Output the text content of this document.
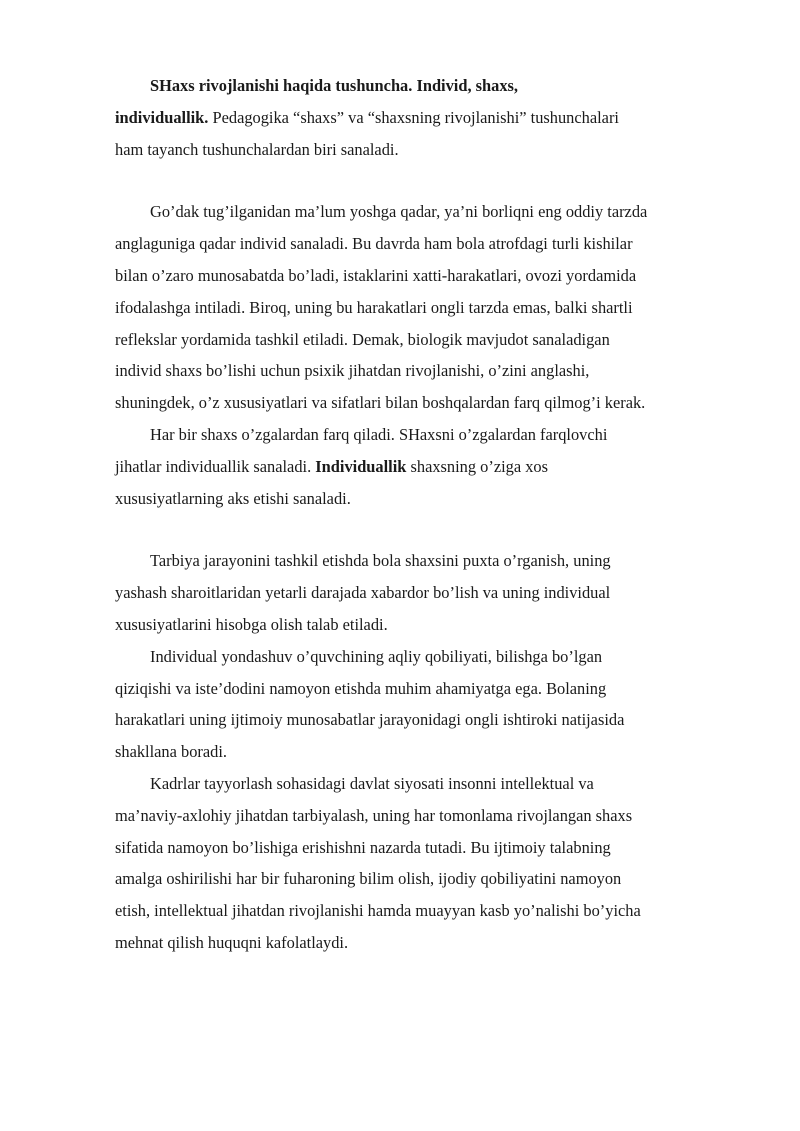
SHaxs rivojlanishi haqida tushuncha. Individ, shaxs,
individuallik. Pedagogika “shaxs” va “shaxsning rivojlanishi” tushunchalari
ham tayanch tushunchalardan biri sanaladi.
Go’dak tug’ilganidan ma’lum yoshga qadar, ya’ni borliqni eng oddiy tarzda
anglaguniga qadar individ sanaladi. Bu davrda ham bola atrofdagi turli kishilar
bilan o’zaro munosabatda bo’ladi, istaklarini xatti-harakatlari, ovozi yordamida
ifodalashga intiladi. Biroq, uning bu harakatlari ongli tarzda emas, balki shartli
reflekslar yordamida tashkil etiladi. Demak, biologik mavjudot sanaladigan
individ shaxs bo’lishi uchun psixik jihatdan rivojlanishi, o’zini anglashi,
shuningdek, o’z xususiyatlari va sifatlari bilan boshqalardan farq qilmog’i kerak.
Har bir shaxs o’zgalardan farq qiladi. SHaxsni o’zgalardan farqlovchi
jihatlar individuallik sanaladi. Individuallik shaxsning o’ziga xos
xususiyatlarning aks etishi sanaladi.
Tarbiya jarayonini tashkil etishda bola shaxsini puxta o’rganish, uning
yashash sharoitlaridan yetarli darajada xabardor bo’lish va uning individual
xususiyatlarini hisobga olish talab etiladi.
Individual yondashuv o’quvchining aqliy qobiliyati, bilishga bo’lgan
qiziqishi va iste’dodini namoyon etishda muhim ahamiyatga ega. Bolaning
harakatlari uning ijtimoiy munosabatlar jarayonidagi ongli ishtiroki natijasida
shakllana boradi.
Kadrlar tayyorlash sohasidagi davlat siyosati insonni intellektual va
ma’naviy-axlohiy jihatdan tarbiyalash, uning har tomonlama rivojlangan shaxs
sifatida namoyon bo’lishiga erishishni nazarda tutadi. Bu ijtimoiy talabning
amalga oshirilishi har bir fuharoning bilim olish, ijodiy qobiliyatini namoyon
etish, intellektual jihatdan rivojlanishi hamda muayyan kasb yo’nalishi bo’yicha
mehnat qilish huquqni kafolatlaydi.
